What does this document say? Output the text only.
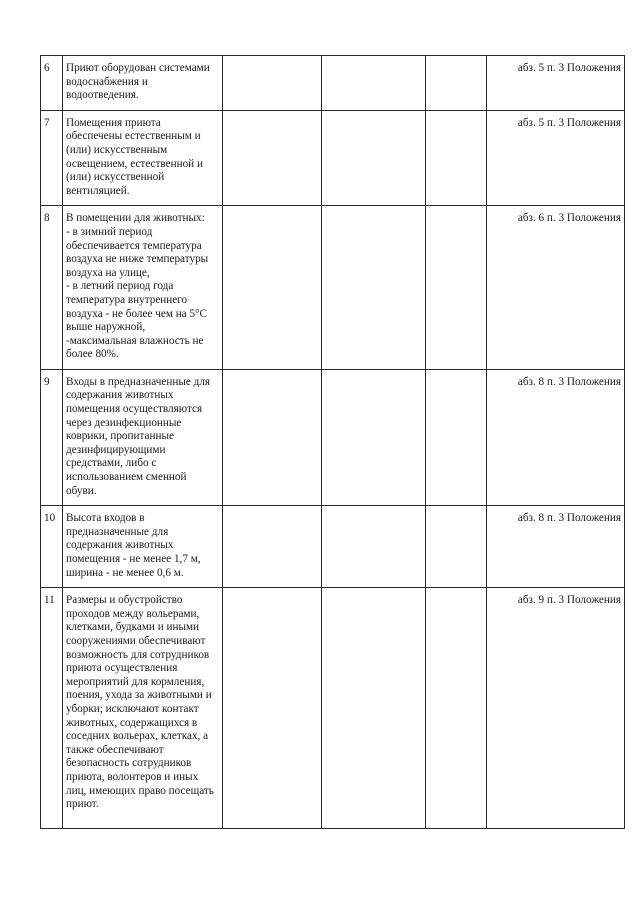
6	Приют оборудован системами водоснабжения и водоотведения.				абз. 5 п. 3 Положения
7	Помещения приюта обеспечены естественным и (или) искусственным освещением, естественной и (или) искусственной вентиляцией.				абз. 5 п. 3 Положения
8	В помещении для животных:
- в зимний период обеспечивается температура воздуха не ниже температуры воздуха на улице,
- в летний период года температура внутреннего воздуха - не более чем на 5°С выше наружной,
-максимальная влажность не более 80%.				абз. 6 п. 3 Положения
9	Входы в предназначенные для содержания животных помещения осуществляются через дезинфекционные коврики, пропитанные дезинфицирующими средствами, либо с использованием сменной обуви.				абз. 8 п. 3 Положения
10	Высота входов в предназначенные для содержания животных помещения - не менее 1,7 м, ширина - не менее 0,6 м.				абз. 8 п. 3 Положения
11	Размеры и обустройство проходов между вольерами, клетками, будками и иными сооружениями обеспечивают возможность для сотрудников приюта осуществления мероприятий для кормления, поения, ухода за животными и уборки; исключают контакт животных, содержащихся в соседних вольерах, клетках, а также обеспечивают безопасность сотрудников приюта, волонтеров и иных лиц, имеющих право посещать приют.				абз. 9 п. 3 Положения
